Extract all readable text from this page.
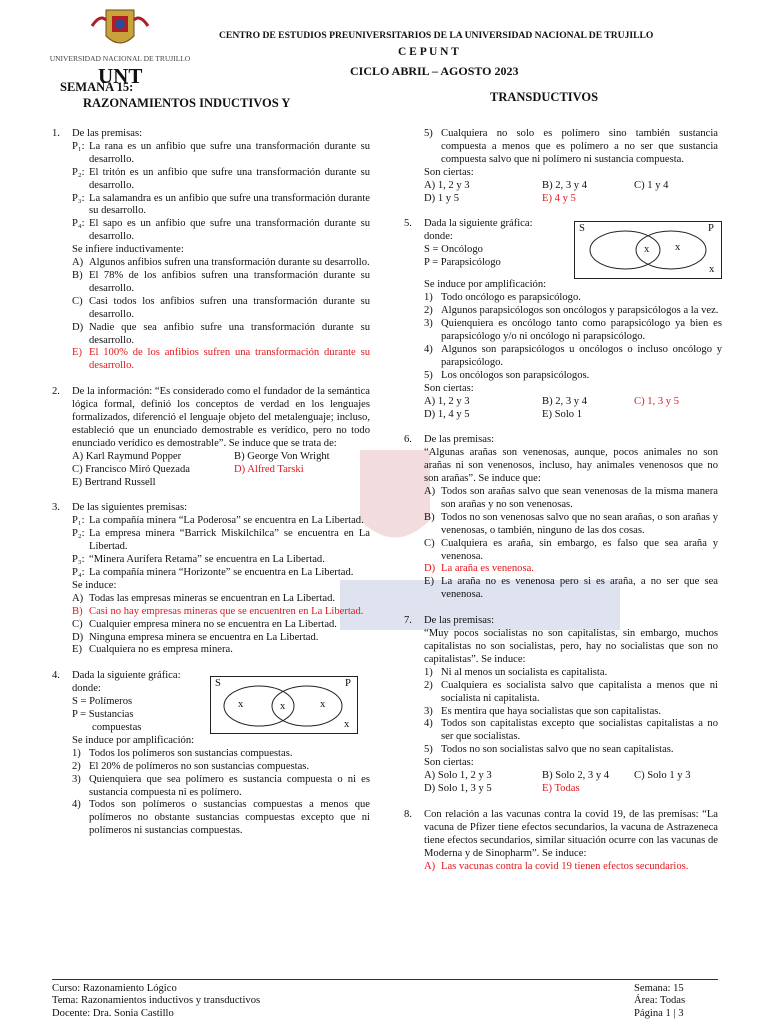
UNIVERSIDAD NACIONAL DE TRUJILLO
UNT
CENTRO DE ESTUDIOS PREUNIVERSITARIOS DE LA UNIVERSIDAD NACIONAL DE TRUJILLO
C E P U N T
CICLO ABRIL – AGOSTO 2023
SEMANA 15:
RAZONAMIENTOS INDUCTIVOS Y	TRANSDUCTIVOS
1.	De las premisas:
P₁: La rana es un anfibio que sufre una transformación durante su desarrollo.
P₂: El tritón es un anfibio que sufre una transformación durante su desarrollo.
P₃: La salamandra es un anfibio que sufre una transformación durante su desarrollo.
P₄: El sapo es un anfibio que sufre una transformación durante su desarrollo.
Se infiere inductivamente:
A) Algunos anfibios sufren una transformación durante su desarrollo.
B) El 78% de los anfibios sufren una transformación durante su desarrollo.
C) Casi todos los anfibios sufren una transformación durante su desarrollo.
D) Nadie que sea anfibio sufre una transformación durante su desarrollo.
E) El 100% de los anfibios sufren una transformación durante su desarrollo.
2.	De la información: “Es considerado como el fundador de la semántica lógica formal, definió los conceptos de verdad en los lenguajes formalizados, diferenció el lenguaje objeto del metalenguaje; incluso, estableció que un enunciado demostrable es verídico, pero no todo enunciado verídico es demostrable”. Se induce que se trata de:
A) Karl Raymund Popper	B) George Von Wright
C) Francisco Miró Quezada	D) Alfred Tarski
E) Bertrand Russell
3.	De las siguientes premisas:
P₁: La compañía minera “La Poderosa” se encuentra en La Libertad.
P₂: La empresa minera “Barrick Miskilchilca” se encuentra en La Libertad.
P₃: “Minera Aurífera Retama” se encuentra en La Libertad.
P₄: La compañía minera “Horizonte” se encuentra en La Libertad.
Se induce:
A) Todas las empresas mineras se encuentran en La Libertad.
B) Casi no hay empresas mineras que se encuentren en La Libertad.
C) Cualquier empresa minera no se encuentra en La Libertad.
D) Ninguna empresa minera se encuentra en La Libertad.
E) Cualquiera no es empresa minera.
4.	Dada la siguiente gráfica:
donde:
S = Polímeros
P = Sustancias
compuestas
S	P
x	x	x
x
Se induce por amplificación:
1) Todos los polímeros son sustancias compuestas.
2) El 20% de polímeros no son sustancias compuestas.
3) Quienquiera que sea polímero es sustancia compuesta o ni es sustancia compuesta ni es polímero.
4) Todos son polímeros o sustancias compuestas a menos que polímeros no obstante sustancias compuestas excepto que ni polímeros ni sustancias compuestas.
5) Cualquiera no solo es polímero sino también sustancia compuesta a menos que es polímero a no ser que sustancia compuesta salvo que ni polímero ni sustancia compuesta.
Son ciertas:
A) 1, 2 y 3	B) 2, 3 y 4	C) 1 y 4
D) 1 y 5	E) 4 y 5
5.	Dada la siguiente gráfica:
donde:
S = Oncólogo
P = Parapsicólogo
S	P
x x
x
Se induce por amplificación:
1) Todo oncólogo es parapsicólogo.
2) Algunos parapsicólogos son oncólogos y parapsicólogos a la vez.
3) Quienquiera es oncólogo tanto como parapsicólogo ya bien es parapsicólogo y/o ni oncólogo ni parapsicólogo.
4) Algunos son parapsicólogos u oncólogos o incluso oncólogo y parapsicólogo.
5) Los oncólogos son parapsicólogos.
Son ciertas:
A) 1, 2 y 3	B) 2, 3 y 4	C) 1, 3 y 5
D) 1, 4 y 5	E) Solo 1
6.	De las premisas:
“Algunas arañas son venenosas, aunque, pocos animales no son arañas ni son venenosos, incluso, hay animales venenosos que no son arañas”. Se induce que:
A) Todos son arañas salvo que sean venenosas de la misma manera son arañas y no son venenosas.
B) Todos no son venenosas salvo que no sean arañas, o son arañas y venenosas, o también, ninguno de las dos cosas.
C) Cualquiera es araña, sin embargo, es falso que sea araña y venenosa.
D) La araña es venenosa.
E) La araña no es venenosa pero si es araña, a no ser que sea venenosa.
7.	De las premisas:
“Muy pocos socialistas no son capitalistas, sin embargo, muchos capitalistas no son socialistas, pero, hay no socialistas que son no capitalistas”. Se induce:
1) Ni al menos un socialista es capitalista.
2) Cualquiera es socialista salvo que capitalista a menos que ni socialista ni capitalista.
3) Es mentira que haya socialistas que son capitalistas.
4) Todos son capitalistas excepto que socialistas capitalistas a no ser que socialistas.
5) Todos no son socialistas salvo que no sean capitalistas.
Son ciertas:
A) Solo 1, 2 y 3	B) Solo 2, 3 y 4	C) Solo 1 y 3
D) Solo 1, 3 y 5	E) Todas
8.	Con relación a las vacunas contra la covid 19, de las premisas: “La vacuna de Pfizer tiene efectos secundarios, la vacuna de Astrazeneca tiene efectos secundarios, similar situación ocurre con las vacunas de Moderna y de Sinopharm”. Se induce:
A) Las vacunas contra la covid 19 tienen efectos secundarios.
Curso: Razonamiento Lógico
Tema: Razonamientos inductivos y transductivos
Docente: Dra. Sonia Castillo
Semana: 15
Área: Todas
Página 1 | 3
